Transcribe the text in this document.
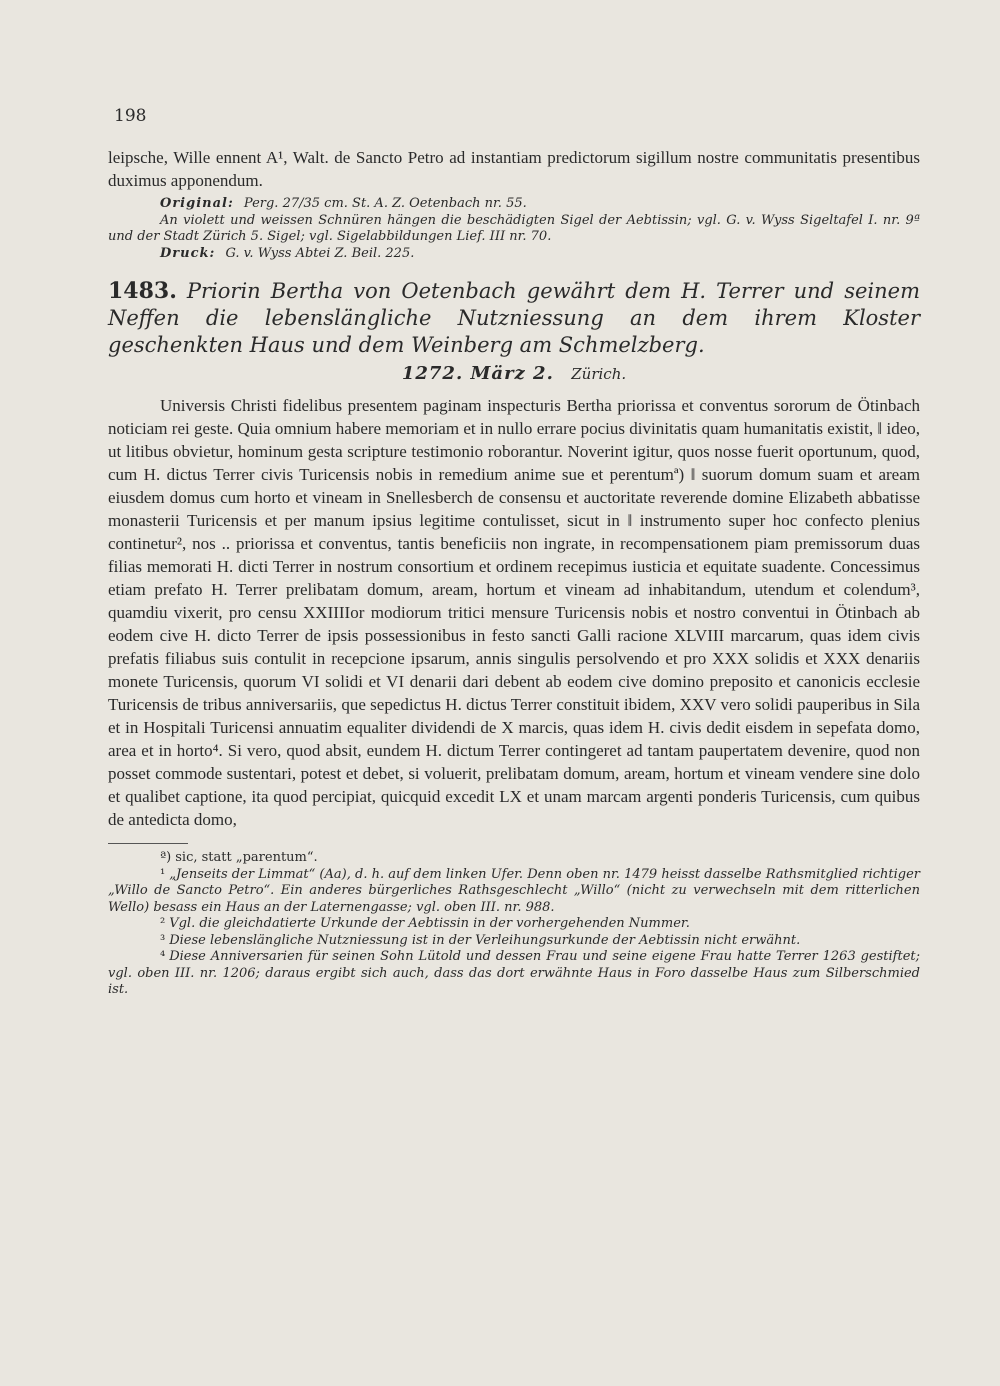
198

leipsche, Wille ennent A¹, Walt. de Sancto Petro ad instantiam predictorum sigillum nostre communitatis presentibus duximus apponendum.

Original: Perg. 27/35 cm. St. A. Z. Oetenbach nr. 55.

An violett und weissen Schnüren hängen die beschädigten Sigel der Aebtissin; vgl. G. v. Wyss Sigeltafel I. nr. 9ª und der Stadt Zürich 5. Sigel; vgl. Sigelabbildungen Lief. III nr. 70.

Druck: G. v. Wyss Abtei Z. Beil. 225.

1483. Priorin Bertha von Oetenbach gewährt dem H. Terrer und seinem Neffen die lebenslängliche Nutzniessung an dem ihrem Kloster geschenkten Haus und dem Weinberg am Schmelzberg.

1272. März 2. Zürich.

Universis Christi fidelibus presentem paginam inspecturis Bertha priorissa et conventus sororum de Ötinbach noticiam rei geste. Quia omnium habere memoriam et in nullo errare pocius divinitatis quam humanitatis existit, ‖ ideo, ut litibus obvietur, hominum gesta scripture testimonio roborantur. Noverint igitur, quos nosse fuerit oportunum, quod, cum H. dictus Terrer civis Turicensis nobis in remedium anime sue et perentumª) ‖ suorum domum suam et aream eiusdem domus cum horto et vineam in Snellesberch de consensu et auctoritate reverende domine Elizabeth abbatisse monasterii Turicensis et per manum ipsius legitime contulisset, sicut in ‖ instrumento super hoc confecto plenius continetur², nos .. priorissa et conventus, tantis beneficiis non ingrate, in recompensationem piam premissorum duas filias memorati H. dicti Terrer in nostrum consortium et ordinem recepimus iusticia et equitate suadente. Concessimus etiam prefato H. Terrer prelibatam domum, aream, hortum et vineam ad inhabitandum, utendum et colendum³, quamdiu vixerit, pro censu XXIIIIor modiorum tritici mensure Turicensis nobis et nostro conventui in Ötinbach ab eodem cive H. dicto Terrer de ipsis possessionibus in festo sancti Galli racione XLVIII marcarum, quas idem civis prefatis filiabus suis contulit in recepcione ipsarum, annis singulis persolvendo et pro XXX solidis et XXX denariis monete Turicensis, quorum VI solidi et VI denarii dari debent ab eodem cive domino preposito et canonicis ecclesie Turicensis de tribus anniversariis, que sepedictus H. dictus Terrer constituit ibidem, XXV vero solidi pauperibus in Sila et in Hospitali Turicensi annuatim equaliter dividendi de X marcis, quas idem H. civis dedit eisdem in sepefata domo, area et in horto⁴. Si vero, quod absit, eundem H. dictum Terrer contingeret ad tantam paupertatem devenire, quod non posset commode sustentari, potest et debet, si voluerit, prelibatam domum, aream, hortum et vineam vendere sine dolo et qualibet captione, ita quod percipiat, quicquid excedit LX et unam marcam argenti ponderis Turicensis, cum quibus de antedicta domo,

ª) sic, statt „parentum“.

¹ „Jenseits der Limmat“ (Aa), d. h. auf dem linken Ufer. Denn oben nr. 1479 heisst dasselbe Rathsmitglied richtiger „Willo de Sancto Petro“. Ein anderes bürgerliches Rathsgeschlecht „Willo“ (nicht zu verwechseln mit dem ritterlichen Wello) besass ein Haus an der Laternengasse; vgl. oben III. nr. 988.

² Vgl. die gleichdatierte Urkunde der Aebtissin in der vorhergehenden Nummer.

³ Diese lebenslängliche Nutzniessung ist in der Verleihungsurkunde der Aebtissin nicht erwähnt.

⁴ Diese Anniversarien für seinen Sohn Lütold und dessen Frau und seine eigene Frau hatte Terrer 1263 gestiftet; vgl. oben III. nr. 1206; daraus ergibt sich auch, dass das dort erwähnte Haus in Foro dasselbe Haus zum Silberschmied ist.
